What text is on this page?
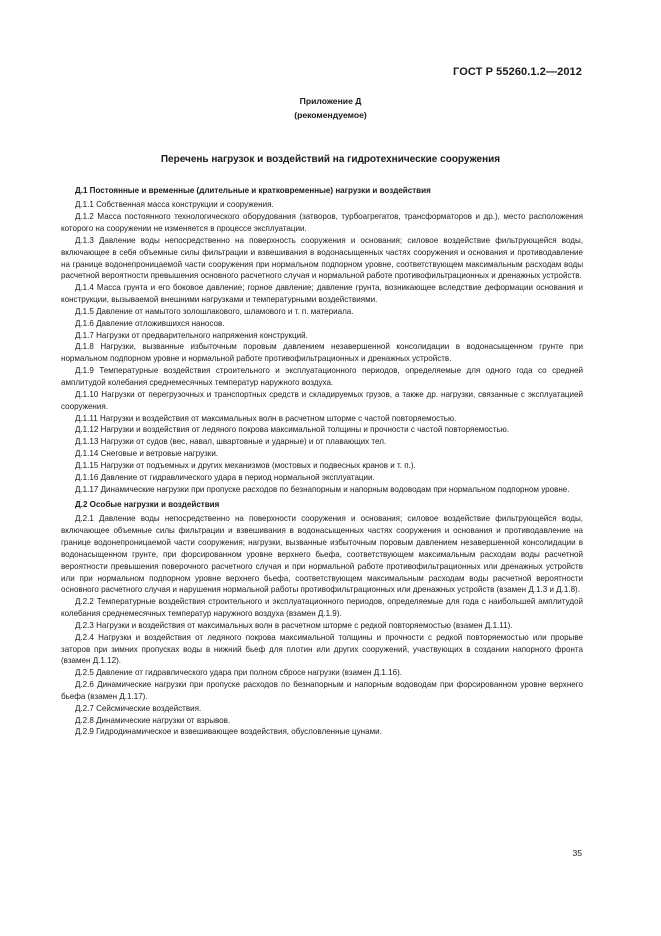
ГОСТ Р 55260.1.2—2012
Приложение Д
(рекомендуемое)
Перечень нагрузок и воздействий на гидротехнические сооружения

Д.1 Постоянные и временные (длительные и кратковременные) нагрузки и воздействия

Д.1.1 Собственная масса конструкции и сооружения.

Д.1.2 Масса постоянного технологического оборудования (затворов, турбоагрегатов, трансформаторов и др.), место расположения которого на сооружении не изменяется в процессе эксплуатации.

Д.1.3 Давление воды непосредственно на поверхность сооружения и основания; силовое воздействие фильтрующейся воды, включающее в себя объемные силы фильтрации и взвешивания в водонасыщенных частях сооружения и основания и противодавление на границе водонепроницаемой части сооружения при нормальном подпорном уровне, соответствующем максимальным расходам воды расчетной вероятности превышения основного расчетного случая и нормальной работе противофильтрационных и дренажных устройств.

Д.1.4 Масса грунта и его боковое давление; горное давление; давление грунта, возникающее вследствие деформации основания и конструкции, вызываемой внешними нагрузками и температурными воздействиями.

Д.1.5 Давление от намытого золошлакового, шламового и т. п. материала.

Д.1.6 Давление отложившихся наносов.

Д.1.7 Нагрузки от предварительного напряжения конструкций.

Д.1.8 Нагрузки, вызванные избыточным поровым давлением незавершенной консолидации в водонасыщенном грунте при нормальном подпорном уровне и нормальной работе противофильтрационных и дренажных устройств.

Д.1.9 Температурные воздействия строительного и эксплуатационного периодов, определяемые для одного года со средней амплитудой колебания среднемесячных температур наружного воздуха.

Д.1.10 Нагрузки от перегрузочных и транспортных средств и складируемых грузов, а также др. нагрузки, связанные с эксплуатацией сооружения.

Д.1.11 Нагрузки и воздействия от максимальных волн в расчетном шторме с частой повторяемостью.

Д.1.12 Нагрузки и воздействия от ледяного покрова максимальной толщины и прочности с частой повторяемостью.

Д.1.13 Нагрузки от судов (вес, навал, швартовные и ударные) и от плавающих тел.

Д.1.14 Снеговые и ветровые нагрузки.

Д.1.15 Нагрузки от подъемных и других механизмов (мостовых и подвесных кранов и т. п.).

Д.1.16 Давление от гидравлического удара в период нормальной эксплуатации.

Д.1.17 Динамические нагрузки при пропуске расходов по безнапорным и напорным водоводам при нормальном подпорном уровне.

Д.2 Особые нагрузки и воздействия

Д.2.1 Давление воды непосредственно на поверхности сооружения и основания; силовое воздействие фильтрующейся воды, включающее объемные силы фильтрации и взвешивания в водонасыщенных частях сооружения и основания и противодавление на границе водонепроницаемой части сооружения; нагрузки, вызванные избыточным поровым давлением незавершенной консолидации в водонасыщенном грунте, при форсированном уровне верхнего бьефа, соответствующем максимальным расходам воды расчетной вероятности превышения поверочного расчетного случая и при нормальной работе противофильтрационных или дренажных устройств или при нормальном подпорном уровне верхнего бьефа, соответствующем максимальным расходам воды расчетной вероятности основного расчетного случая и нарушения нормальной работы противофильтрационных или дренажных устройств (взамен Д.1.3 и Д.1.8).

Д.2.2 Температурные воздействия строительного и эксплуатационного периодов, определяемые для года с наибольшей амплитудой колебания среднемесячных температур наружного воздуха (взамен Д.1.9).

Д.2.3 Нагрузки и воздействия от максимальных волн в расчетном шторме с редкой повторяемостью (взамен Д.1.11).

Д.2.4 Нагрузки и воздействия от ледяного покрова максимальной толщины и прочности с редкой повторяемостью или прорыве заторов при зимних пропусках воды в нижний бьеф для плотин или других сооружений, участвующих в создании напорного фронта (взамен Д.1.12).

Д.2.5 Давление от гидравлического удара при полном сбросе нагрузки (взамен Д.1.16).

Д.2.6 Динамические нагрузки при пропуске расходов по безнапорным и напорным водоводам при форсированном уровне верхнего бьефа (взамен Д.1.17).

Д.2.7 Сейсмические воздействия.

Д.2.8 Динамические нагрузки от взрывов.

Д.2.9 Гидродинамическое и взвешивающее воздействия, обусловленные цунами.

35
